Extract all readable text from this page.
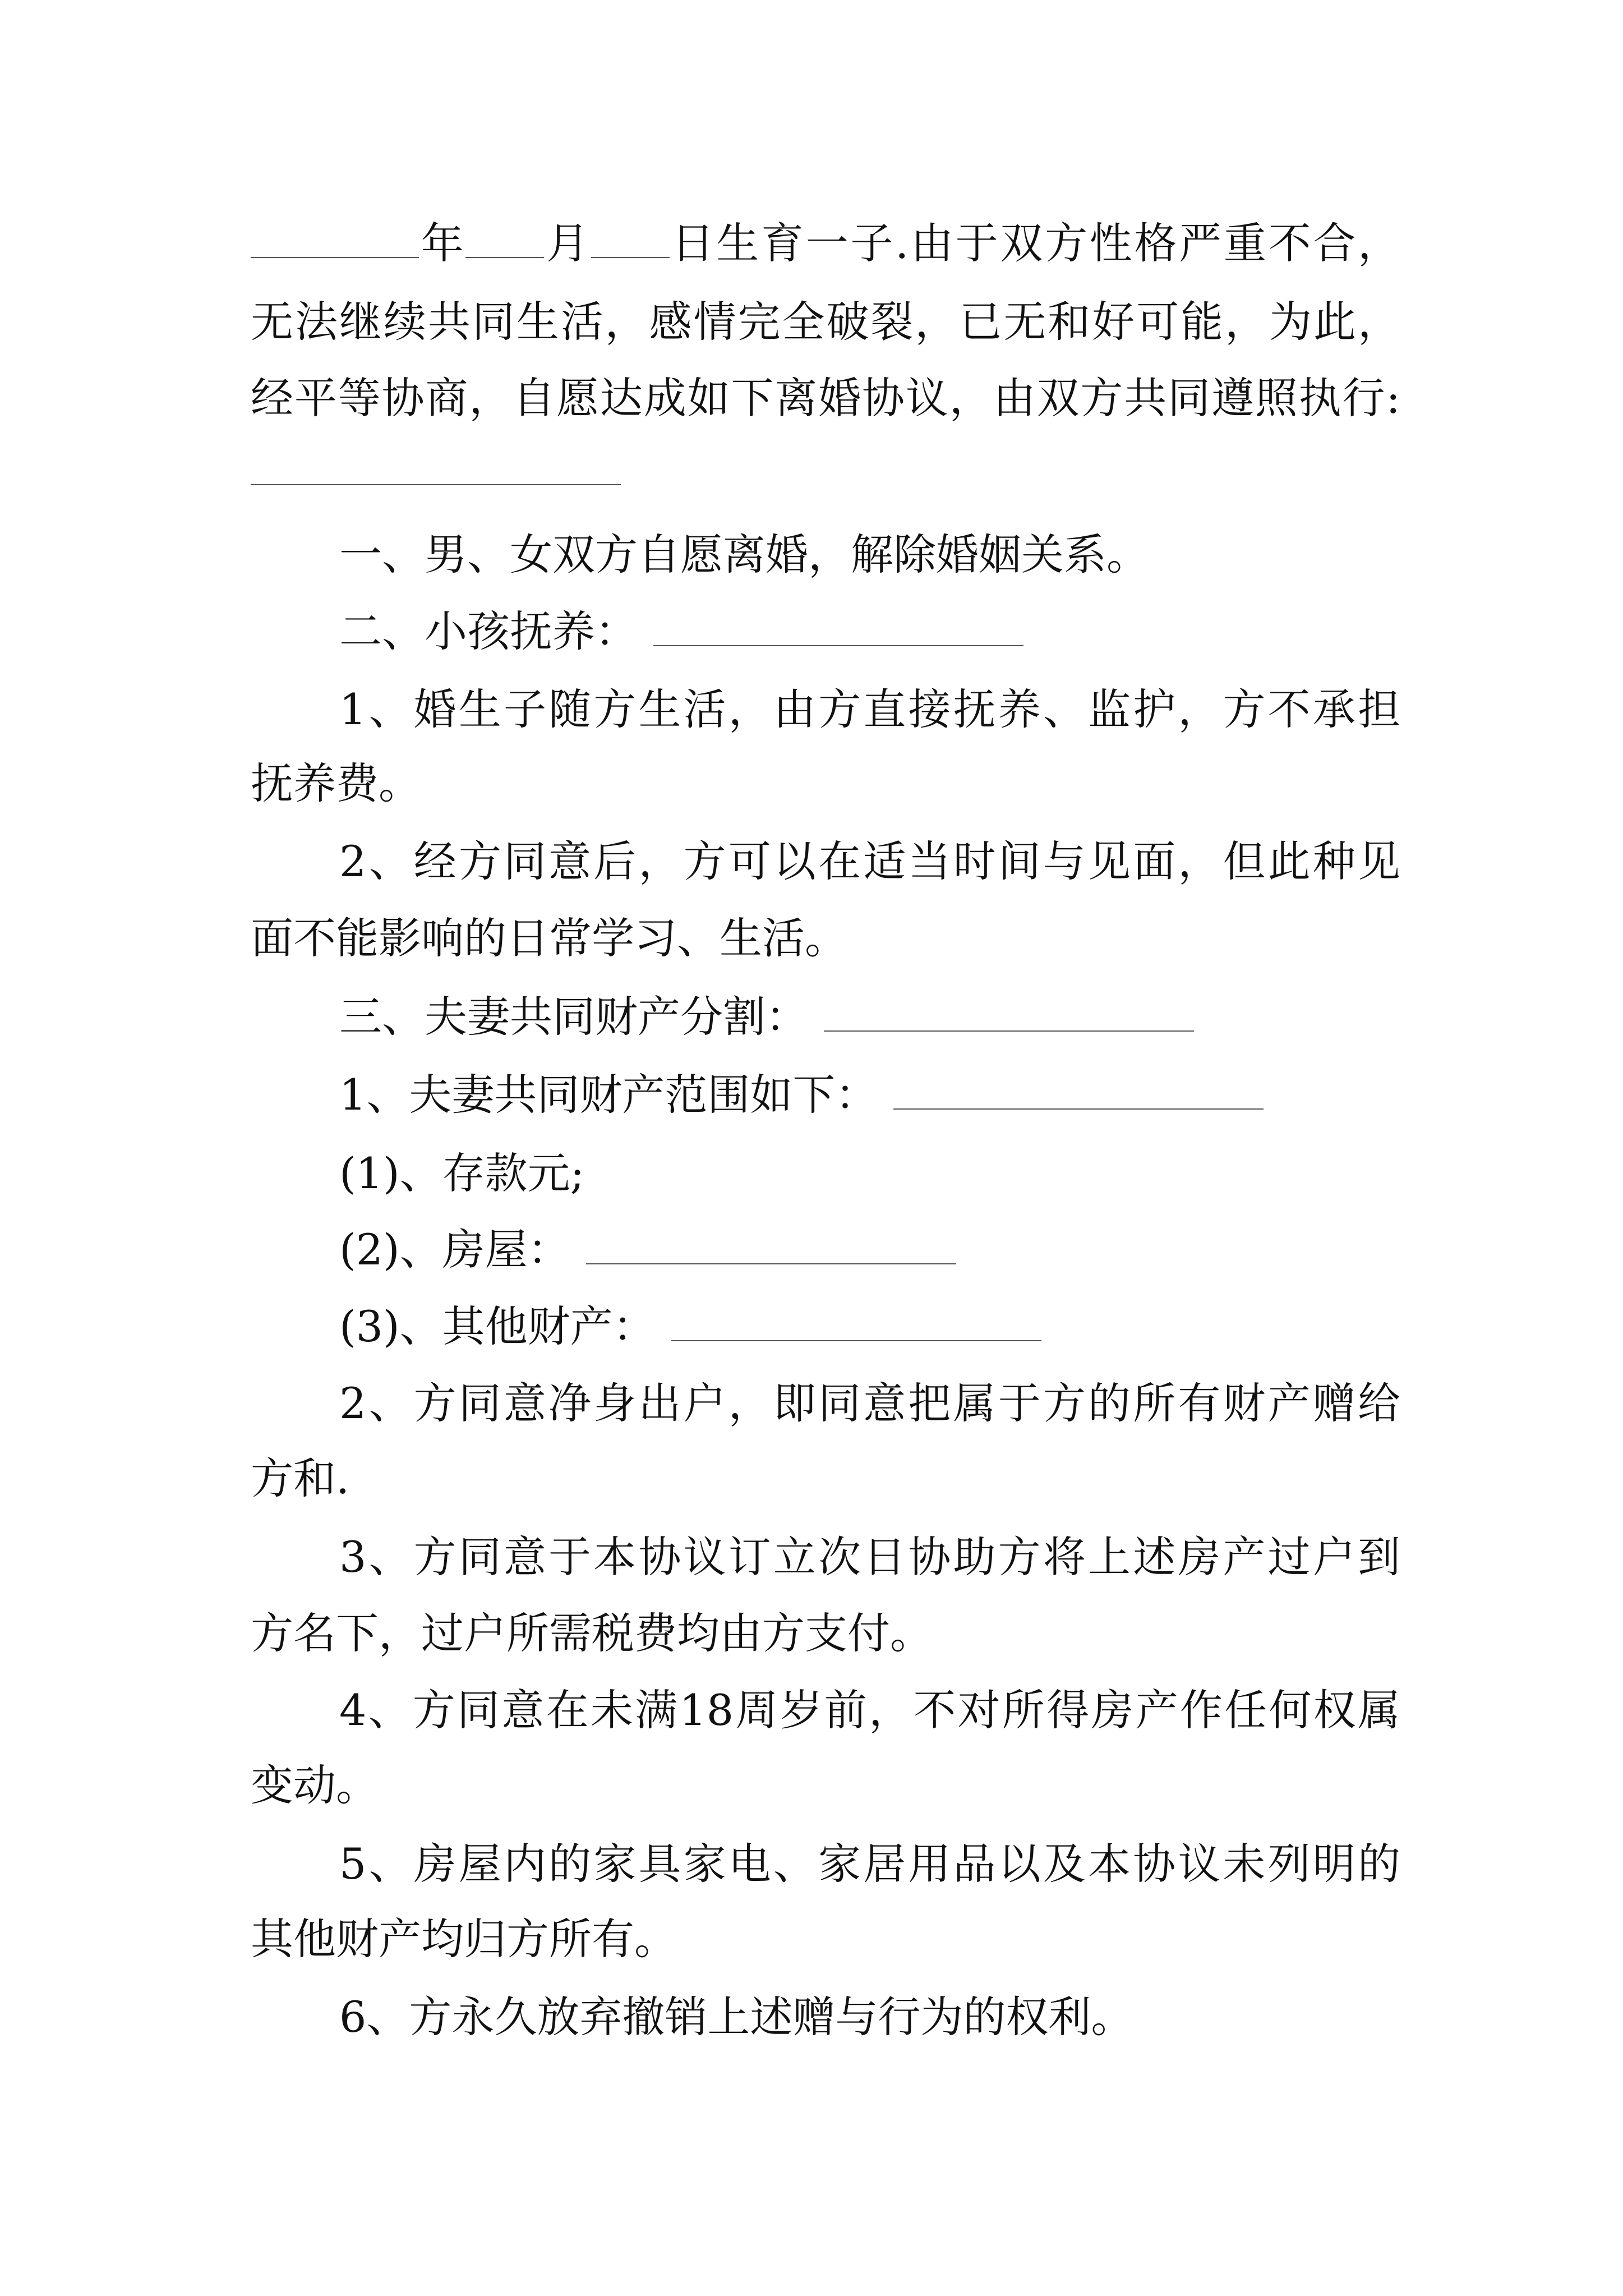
年 月 日生育一子.由于双方性格严重不合，
无法继续共同生活，感情完全破裂，已无和好可能，为此，
经平等协商，自愿达成如下离婚协议，由双方共同遵照执行:
一、男、女双方自愿离婚，解除婚姻关系。
二、小孩抚养：
1、婚生子随方生活，由方直接抚养、监护，方不承担
抚养费。
2、经方同意后，方可以在适当时间与见面，但此种见
面不能影响的日常学习、生活。
三、夫妻共同财产分割：
1、夫妻共同财产范围如下：
(1)、存款元;
(2)、房屋：
(3)、其他财产：
2、方同意净身出户，即同意把属于方的所有财产赠给
方和.
3、方同意于本协议订立次日协助方将上述房产过户到
方名下，过户所需税费均由方支付。
4、方同意在未满18周岁前，不对所得房产作任何权属
变动。
5、房屋内的家具家电、家居用品以及本协议未列明的
其他财产均归方所有。
6、方永久放弃撤销上述赠与行为的权利。
